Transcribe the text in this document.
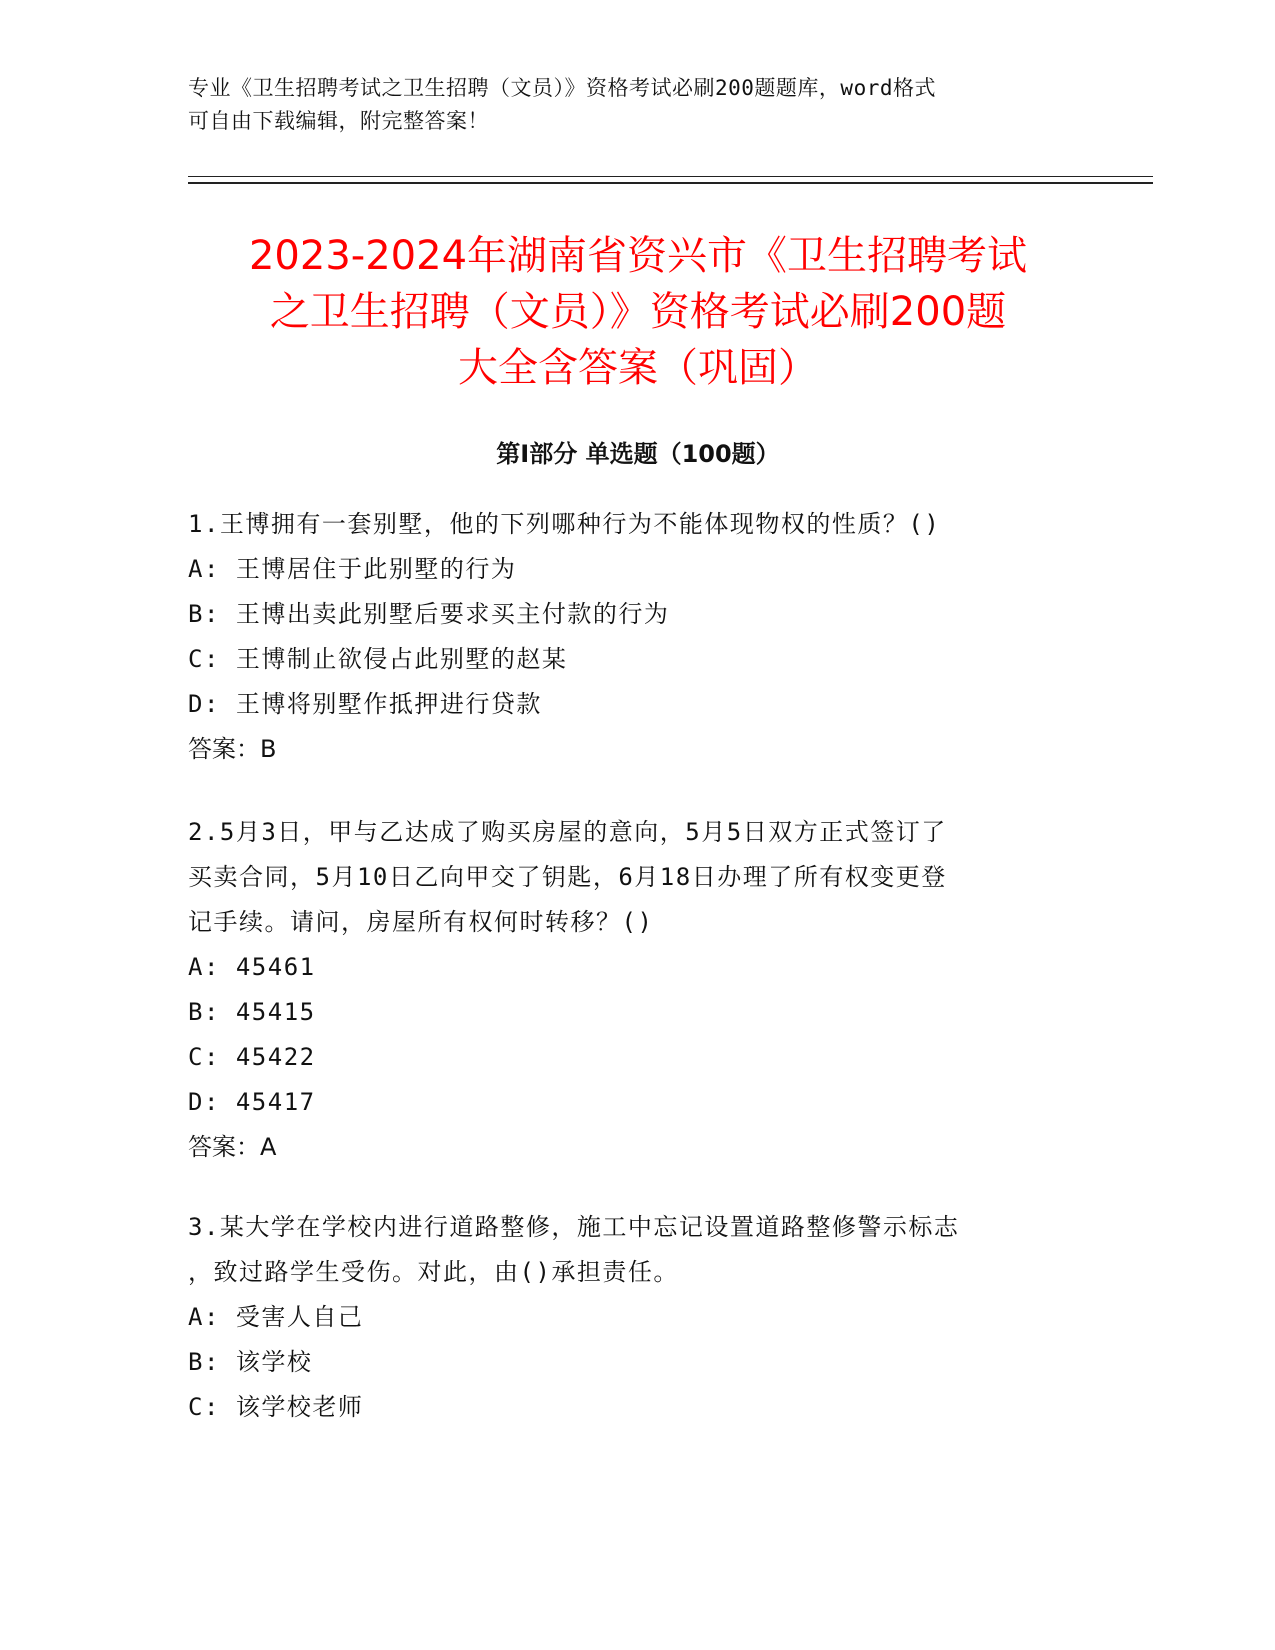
专业《卫生招聘考试之卫生招聘（文员）》资格考试必刷200题题库，word格式
可自由下载编辑，附完整答案！
2023-2024年湖南省资兴市《卫生招聘考试
之卫生招聘（文员）》资格考试必刷200题
大全含答案（巩固）
第Ⅰ部分 单选题（100题）

1.王博拥有一套别墅，他的下列哪种行为不能体现物权的性质？()

A: 王博居住于此别墅的行为

B: 王博出卖此别墅后要求买主付款的行为

C: 王博制止欲侵占此别墅的赵某

D: 王博将别墅作抵押进行贷款

答案：B

2.5月3日，甲与乙达成了购买房屋的意向，5月5日双方正式签订了

买卖合同，5月10日乙向甲交了钥匙，6月18日办理了所有权变更登

记手续。请问，房屋所有权何时转移？()

A: 45461

B: 45415

C: 45422

D: 45417

答案：A

3.某大学在学校内进行道路整修，施工中忘记设置道路整修警示标志

，致过路学生受伤。对此，由()承担责任。

A: 受害人自己

B: 该学校

C: 该学校老师
